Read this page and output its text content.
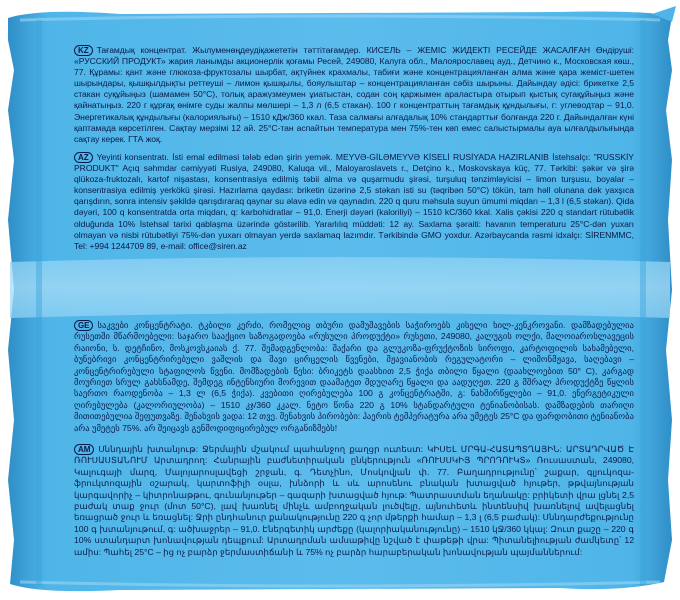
KZ Тағамдық концентрат. Жылуменөңдеудіқажететін тәттітағамдер. КИСЕЛЬ – ЖЕМІС ЖИДЕКТІ РЕСЕЙДЕ ЖАСАЛҒАН Өндіруші: «РУССКИЙ ПРОДУКТ» жария ланымды акционерлік қоғамы Ресей, 249080, Калуга обл., Малоярославец ауд., Детчино к., Московская көш., 77. Құрамы: қант және глюкоза-фруктозалы шырбат, ақтүйнек крахмалы, табиғи және концентрацияланған алма және қара жеміст-шетен шырындары, қышқылдықты реттеуші – лимон қышқылы, бояулыштар – концентрацияланған сәбіз шырыны. Дайындау әдісі: брикетке 2,5 стакан суқұйыңыз (шамамен 50°С), толық аражүзмеумен ұиатыстан, содан соң қаржымен араластыра отырып қыстық сугақұйыңыз және қайнатыңыз. 220 г құрғақ өнімге суды жалпы мөлшері – 1,3 л (6,5 стакан). 100 г концентраттың тағамдық құндылығы, г: углеводтар – 91,0. Энергетикалық құндылығы (калориялығы) – 1510 кДж/360 ккал. Таза салмағы алғадалық 10% стандарттығ болғанда 220 г. Дайындалған күні қаптамада көрсетілген. Сақтау мерзімі 12 ай. 25°С-тан аспайтын температура мен 75%-тен көп емес салыстырмалы ауа ылғалдылығында сақтау керек. ГТА жоқ.
AZ Yeyinti konsentratı. İsti emal edilməsi tələb edən şirin yemək. MEYVƏ-GİLƏMEYVƏ KİSELİ RUSİYADA HAZIRLANIB İstehsalçı: "RUSSKİY PRODUKT" Açıq səhmdar cəmiyyəti Rusiya, 249080, Kaluqa vil., Maloyaroslavets r., Detçino k., Moskovskaya küç, 77. Tərkibi: şəkər və şirə qlükoza-fruktozalı, kartof nişastası, konsentrasiya edilmiş təbii alma və quşarmudu şirəsi, turşuluq tənzimləyicisi – limon turşusu, boyalar – konsentrasiya edilmiş yerkökü şirəsi. Hazırlama qaydası: briketin üzərinə 2,5 stəkan isti su (təqribən 50°C) tökün, tam həll olunana dək yaxşıca qarışdırın, sonra intensiv şəkildə qarışdıraraq qaynar su əlavə edin və qaynadın. 220 q quru məhsula suyun ümumi miqdarı – 1,3 l (6,5 stəkan). Qida dəyəri, 100 q konsentratda orta miqdarı, q: karbohidratlar – 91,0. Enerji dəyəri (kaloriliyi) – 1510 kC/360 kkal. Xalis çəkisi 220 q standart rütubətlik olduğunda 10% İstehsal tarixi qablaşma üzərində göstərilib. Yararlılıq müddəti: 12 ay. Saxlama şəraiti: havanın temperaturu 25°C-dən yuxarı olmayan və nisbi rütubətliyi 75%-dən yuxarı olmayan yerdə saxlamaq lazımdır. Tərkibində GMO yoxdur. Azərbaycanda rəsmi idxalçı: SİRENMMC, Tel: +994 1244709 89, e-mail: office@siren.az
GE საკვები კონცენტრატი. ტკბილი კერძი, რომელიც თბური დამუშავების საჭიროებს კისელი ხილ-კენკროვანი. დამზადებულია რუსეთში მწარმოებელი: საჯარო სააქციო საზოგადოება «რუსული პროდუქტი» რუსეთი, 249080, კალუგის ოლქი, მალოიაროსლავეცის რაიონი, ს. დეტჩინო, მოსკოვსკაიას ქ. 77. შემადგენლობა: შაქარი და გლუკოზა-ფრუქტოზის სიროფი, კარტოფილის სახამებელი, ბუნებრივი კონცენტრირებული ვაშლის და შავი ცირცელის წვენები, მჟავიანობის რეგულატორი – ლიმონმჟავა, საღებავი – კონცენტრირებული სტაფილოს წვენი. მომზადების წესი: ბრიკეტს დაასხით 2,5 ჭიქა თბილი წყალი (დაახლოებით 50° C), კარგად მოურიეთ სრულ გახსნამდე, შემდეგ ინტენსიური მორევით დაამატეთ მდუღარე წყალი და აადუღეთ. 220 გ მშრალ პროდუქტზე წყლის საერთო რაოდენობა – 1,3 ლ (6,5 ჭიქა). კვებითი ღირებულება 100 გ კონცენტრატში, გ: ნახშირწყლები – 91,0. ენერგეტიკული ღირებულება (კალორიულობა) – 1510 კჯ/360 კკალ. ნეტო წონა 220 გ 10% სტანდარტული ტენიანობისას. დამზადების თარიღი მითითებულია შეფუთვაზე. შენახვის ვადა: 12 თვე. შენახვის პირობები: ჰაერის ტემპერატურა არა უმეტეს 25°C და ფარდობითი ტენიანობა არა უმეტეს 75%. არ შეიცავს გენმოდიფიცირებულ ორგანიზმებს!
AM Սննդային խտանյութ: Ջերմային մշակում պահանջող քաղցր ուտեստ: ԿԻՍԵԼ ՄՐԳԱ-ՀԱՏԱՊՏՂԱՅԻՆ: ԱՐՏԱԴՐՎԱԾ Է ՌՈՒՍԱՍՏԱՆՈՒՄ Արտադրող: Հանրային բաժնետիրական ընկերություն «ՌՈՒՍՍԿԻՅ ՊՐՈԴՈՒԿՏ» Ռուսաստան, 249080, Կալուգայի մարզ, Մալոյարոսլավեցի շրջան, գ. Դետչինո, Մոսկովյան փ. 77. Բաղադրությունը՝ շաքար, գլյուկոզա-ֆրուկտոզային օշարակ, կարտոֆիլի օսլա, խնձորի և սև արոսենու բնական խտացված հյութեր, թթվայնության կարգավորիչ – կիտրոնաթթու, գունանյութեր – գազարի խտացված հյութ: Պատրաստման եղանակը: բրիկետի վրա լցնել 2,5 բաժակ տաք ջուր (մոտ 50°C), լավ խառնել մինչև ամբողջական լուծվելը, այնուհետև ինտենսիվ խառնելով ավելացնել եռացրած ջուր և եռացնել: Ջրի ընդհանուր քանակությունը 220 գ չոր մթերքի համար – 1,3 լ (6,5 բաժակ): Սննդարժեքությունը 100 գ խտանյութում, գ: ածխաջրեր – 91,0. Էներգետիկ արժեքը (կալորիականությունը) – 1510 կՋ/360 կկալ: Զուտ քաշը – 220 գ 10% ստանդարտ խոնավության դեպքում: Արտադրման ամսաթիվը նշված է փաթեթի վրա: Պիտանելիության ժամկետը՝ 12 ամիս: Պահել 25°C – ից ոչ բարձր ջերմաստիճանի և 75% ոչ բարձր հարաբերական խոնավության պայմաններում:
